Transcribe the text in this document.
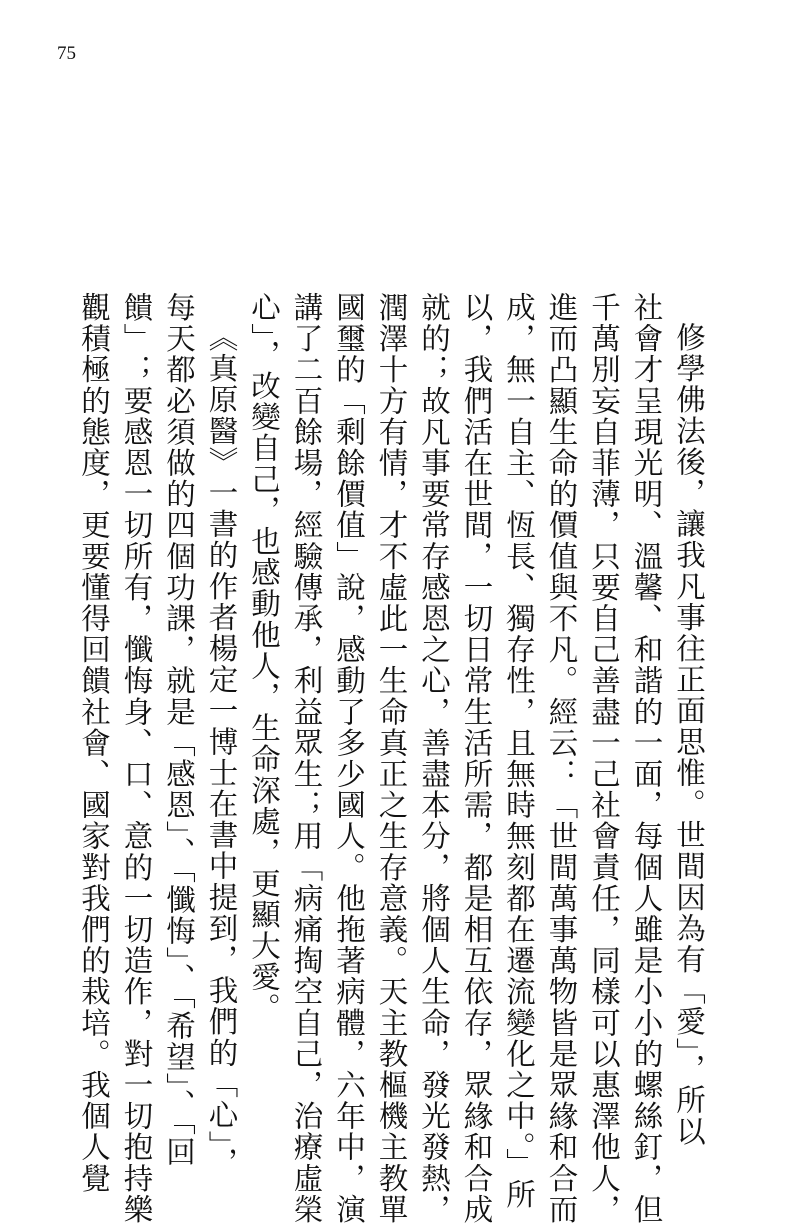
75

修學佛法後，讓我凡事往正面思惟。世間因為有「愛」，所以

社會才呈現光明、溫馨、和諧的一面，每個人雖是小小的螺絲釘，但

千萬別妄自菲薄，只要自己善盡一己社會責任，同樣可以惠澤他人，

進而凸顯生命的價值與不凡。經云：「世間萬事萬物皆是眾緣和合而

成，無一自主、恆長、獨存性，且無時無刻都在遷流變化之中。」所

以，我們活在世間，一切日常生活所需，都是相互依存，眾緣和合成

就的；故凡事要常存感恩之心，善盡本分，將個人生命，發光發熱，

潤澤十方有情，才不虛此一生命真正之生存意義。天主教樞機主教單

國璽的「剩餘價值」說，感動了多少國人。他拖著病體，六年中，演

講了二百餘場，經驗傳承，利益眾生；用「病痛掏空自己，治療虛榮

心」，改變自己，也感動他人，生命深處，更顯大愛。

《真原醫》一書的作者楊定一博士在書中提到，我們的「心」，

每天都必須做的四個功課，就是「感恩」、「懺悔」、「希望」、「回

饋」；要感恩一切所有，懺悔身、口、意的一切造作，對一切抱持樂

觀積極的態度，更要懂得回饋社會、國家對我們的栽培。我個人覺
